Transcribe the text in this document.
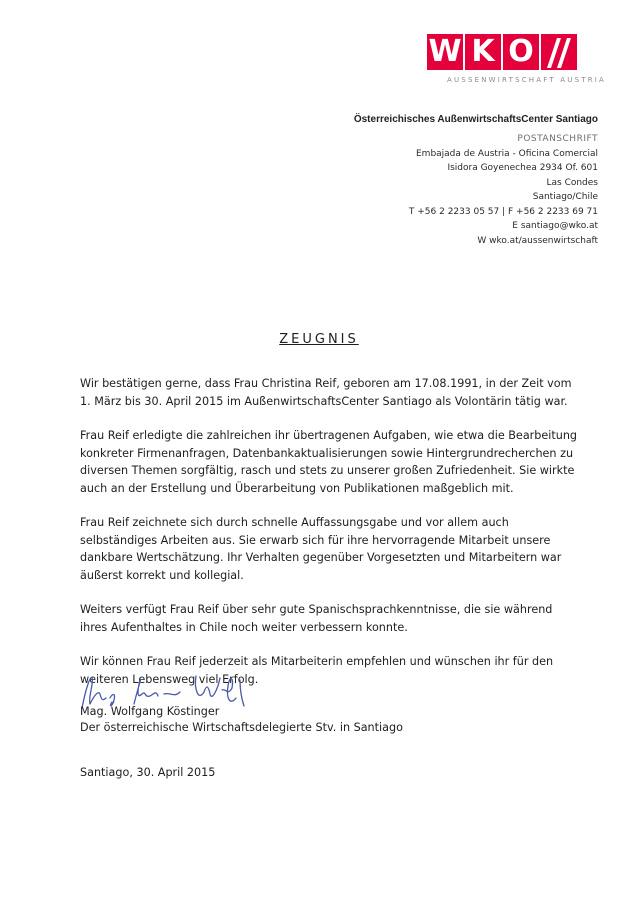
W K O
AUSSENWIRTSCHAFT AUSTRIA
Österreichisches AußenwirtschaftsCenter Santiago
POSTANSCHRIFT
Embajada de Austria - Oficina Comercial
Isidora Goyenechea 2934 Of. 601
Las Condes
Santiago/Chile
T +56 2 2233 05 57 | F +56 2 2233 69 71
E santiago@wko.at
W wko.at/aussenwirtschaft
ZEUGNIS

Wir bestätigen gerne, dass Frau Christina Reif, geboren am 17.08.1991, in der Zeit vom 1. März bis 30. April 2015 im AußenwirtschaftsCenter Santiago als Volontärin tätig war.

Frau Reif erledigte die zahlreichen ihr übertragenen Aufgaben, wie etwa die Bearbeitung konkreter Firmenanfragen, Datenbankaktualisierungen sowie Hintergrundrecherchen zu diversen Themen sorgfältig, rasch und stets zu unserer großen Zufriedenheit. Sie wirkte auch an der Erstellung und Überarbeitung von Publikationen maßgeblich mit.

Frau Reif zeichnete sich durch schnelle Auffassungsgabe und vor allem auch selbständiges Arbeiten aus. Sie erwarb sich für ihre hervorragende Mitarbeit unsere dankbare Wertschätzung. Ihr Verhalten gegenüber Vorgesetzten und Mitarbeitern war äußerst korrekt und kollegial.

Weiters verfügt Frau Reif über sehr gute Spanischsprachkenntnisse, die sie während ihres Aufenthaltes in Chile noch weiter verbessern konnte.

Wir können Frau Reif jederzeit als Mitarbeiterin empfehlen und wünschen ihr für den weiteren Lebensweg viel Erfolg.

Mag. Wolfgang Köstinger
Der österreichische Wirtschaftsdelegierte Stv. in Santiago
Santiago, 30. April 2015
